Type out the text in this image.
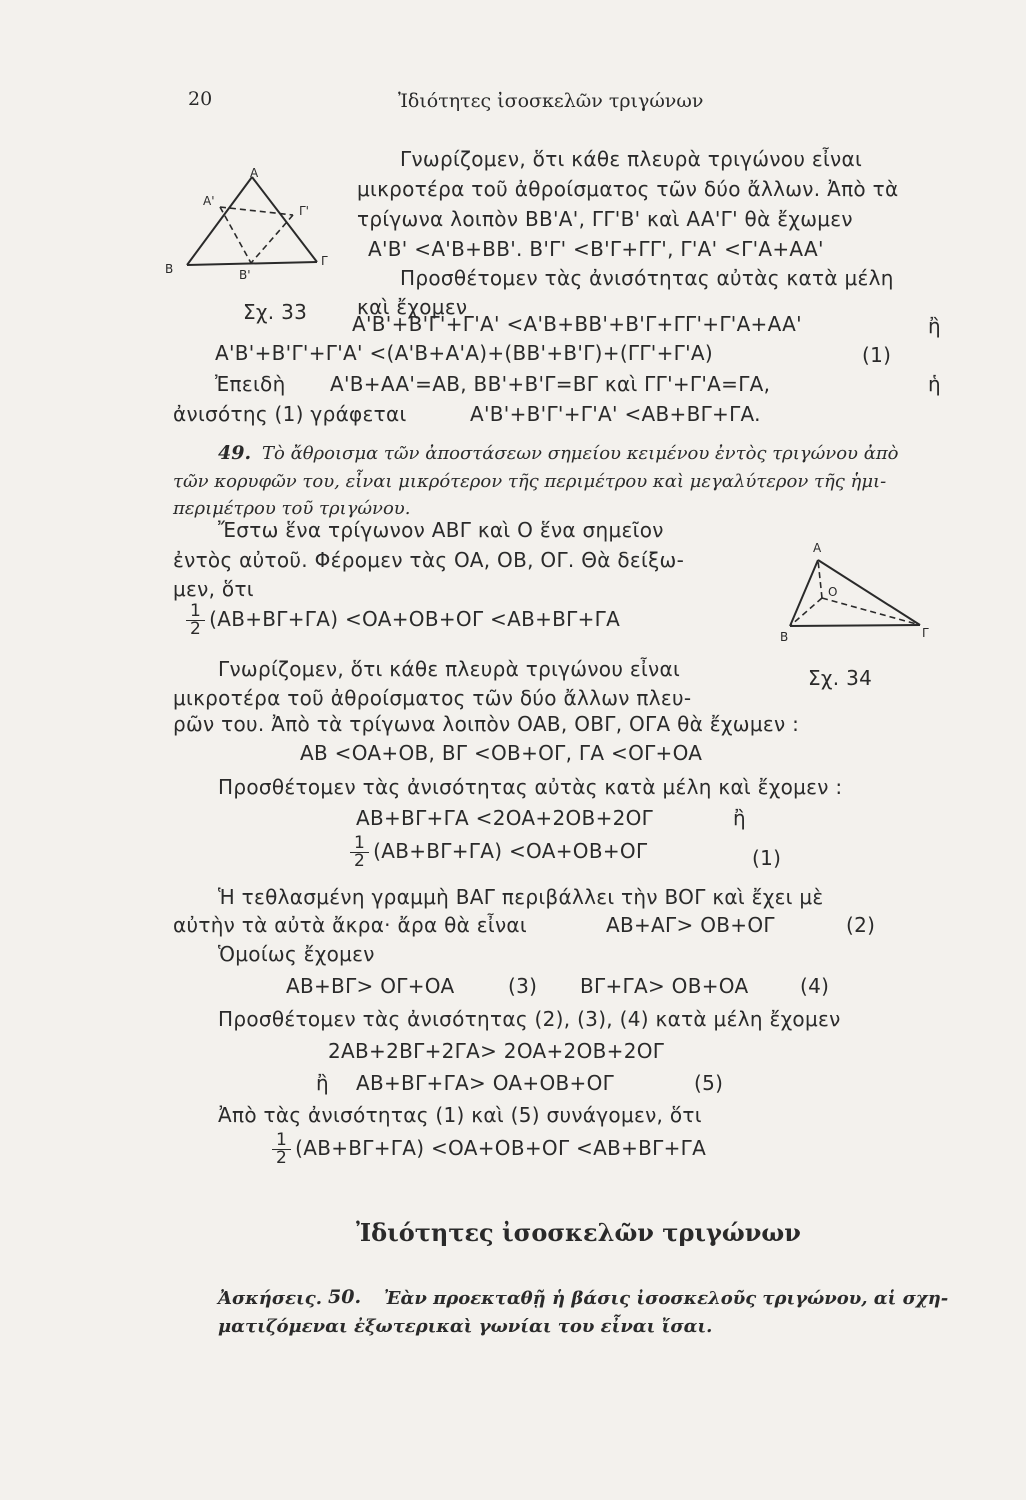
20	Ἰδιότητες ἰσοσκελῶν τριγώνων
A
A'
Γ'
B	B'
Γ
Σχ. 33
Γνωρίζομεν, ὅτι κάθε πλευρὰ τριγώνου εἶναι
μικροτέρα τοῦ ἀθροίσματος τῶν δύο ἄλλων. Ἀπὸ τὰ
τρίγωνα λοιπὸν BB'A', ΓΓ'B' καὶ AA'Γ' θὰ ἔχωμεν
A'B' <A'B+BB'. B'Γ' <B'Γ+ΓΓ', Γ'A' <Γ'A+AA'
Προσθέτομεν τὰς ἀνισότητας αὐτὰς κατὰ μέλη
καὶ ἔχομεν
A'B'+B'Γ'+Γ'A' <A'B+BB'+B'Γ+ΓΓ'+Γ'A+AA'	ἢ
A'B'+B'Γ'+Γ'A' <(A'B+A'A)+(BB'+B'Γ)+(ΓΓ'+Γ'A)	(1)
Ἐπειδὴ A'B+AA'=AB, BB'+B'Γ=BΓ καὶ ΓΓ'+Γ'A=ΓA,	ἡ
ἀνισότης (1) γράφεται	A'B'+B'Γ'+Γ'A' <AB+BΓ+ΓA.
49. Τὸ ἄθροισμα τῶν ἀποστάσεων σημείου κειμένου ἐντὸς τριγώνου ἀπὸ
τῶν κορυφῶν του, εἶναι μικρότερον τῆς περιμέτρου καὶ μεγαλύτερον τῆς ἡμι-
περιμέτρου τοῦ τριγώνου.
A
O
B	Γ
Σχ. 34
Ἔστω ἕνα τρίγωνον ABΓ καὶ O ἕνα σημεῖον
ἐντὸς αὐτοῦ. Φέρομεν τὰς OA, OB, OΓ. Θὰ δείξω-
μεν, ὅτι
$\frac{1}{2} (AB+B\Gamma+\Gamma A) <OA+OB+O\Gamma <AB+B\Gamma+\Gamma A$
Γνωρίζομεν, ὅτι κάθε πλευρὰ τριγώνου εἶναι
μικροτέρα τοῦ ἀθροίσματος τῶν δύο ἄλλων πλευ-
ρῶν του. Ἀπὸ τὰ τρίγωνα λοιπὸν OAB, OBΓ, OΓA θὰ ἔχωμεν :
AB <OA+OB, BΓ <OB+OΓ, ΓA <OΓ+OA
Προσθέτομεν τὰς ἀνισότητας αὐτὰς κατὰ μέλη καὶ ἔχομεν :
AB+BΓ+ΓA <2OA+2OB+2OΓ	ἢ
$\frac{1}{2} (AB+B\Gamma+\Gamma A) <OA+OB+O\Gamma$	(1)
Ἡ τεθλασμένη γραμμὴ BAΓ περιβάλλει τὴν BOΓ καὶ ἔχει μὲ
αὐτὴν τὰ αὐτὰ ἄκρα· ἄρα θὰ εἶναι	AB+AΓ> OB+OΓ	(2)
Ὁμοίως ἔχομεν
AB+BΓ> OΓ+OA	(3) BΓ+ΓA> OB+OA	(4)
Προσθέτομεν τὰς ἀνισότητας (2), (3), (4) κατὰ μέλη ἔχομεν
2AB+2BΓ+2ΓA> 2OA+2OB+2OΓ
ἢ AB+BΓ+ΓA> OA+OB+OΓ	(5)
Ἀπὸ τὰς ἀνισότητας (1) καὶ (5) συνάγομεν, ὅτι
$\frac{1}{2} (AB+B\Gamma+\Gamma A) <OA+OB+O\Gamma <AB+B\Gamma+\Gamma A$
Ἰδιότητες ἰσοσκελῶν τριγώνων
Ἀσκήσεις. 50. Ἐὰν προεκταθῇ ἡ βάσις ἰσοσκελοῦς τριγώνου, αἱ σχη-
ματιζόμεναι ἐξωτερικαὶ γωνίαι του εἶναι ἴσαι.
